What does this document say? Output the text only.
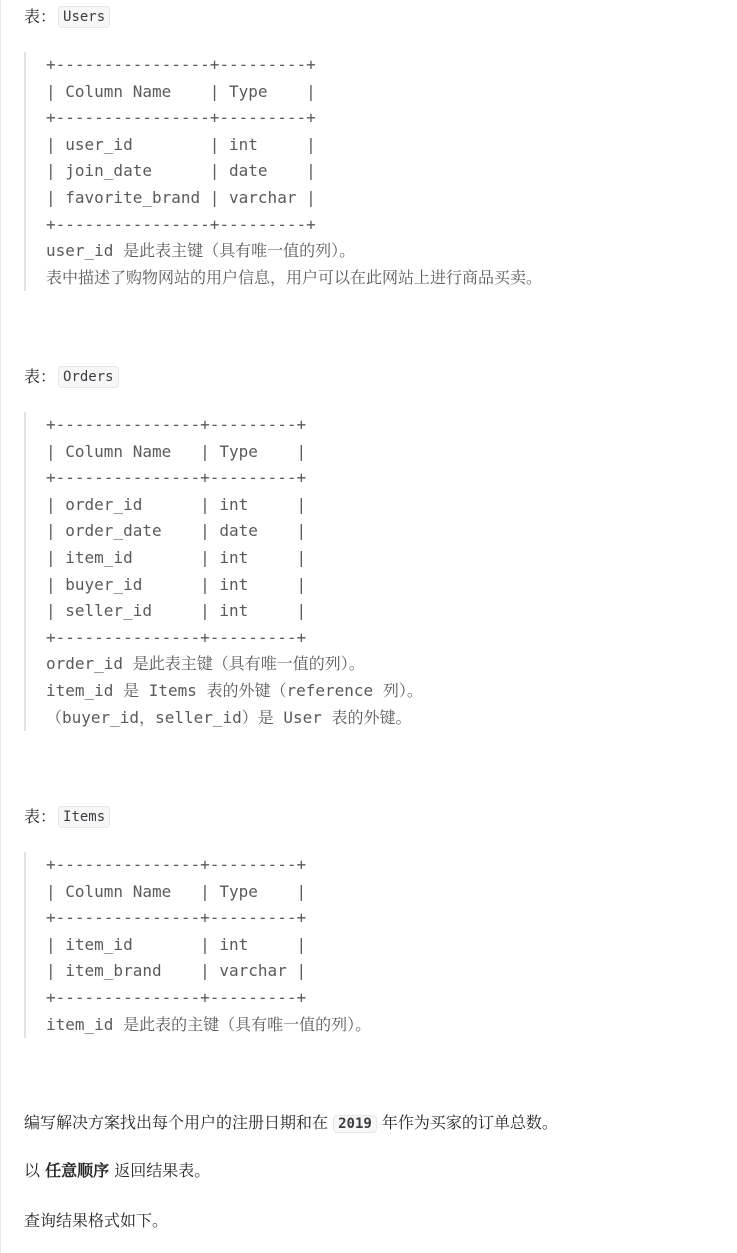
表： Users
+----------------+---------+
| Column Name    | Type    |
+----------------+---------+
| user_id        | int     |
| join_date      | date    |
| favorite_brand | varchar |
+----------------+---------+
user_id 是此表主键（具有唯一值的列）。
表中描述了购物网站的用户信息，用户可以在此网站上进行商品买卖。
表： Orders
+---------------+---------+
| Column Name   | Type    |
+---------------+---------+
| order_id      | int     |
| order_date    | date    |
| item_id       | int     |
| buyer_id      | int     |
| seller_id     | int     |
+---------------+---------+
order_id 是此表主键（具有唯一值的列）。
item_id 是 Items 表的外键（reference 列）。
（buyer_id，seller_id）是 User 表的外键。
表： Items
+---------------+---------+
| Column Name   | Type    |
+---------------+---------+
| item_id       | int     |
| item_brand    | varchar |
+---------------+---------+
item_id 是此表的主键（具有唯一值的列）。
编写解决方案找出每个用户的注册日期和在 2019 年作为买家的订单总数。
以 任意顺序 返回结果表。
查询结果格式如下。
